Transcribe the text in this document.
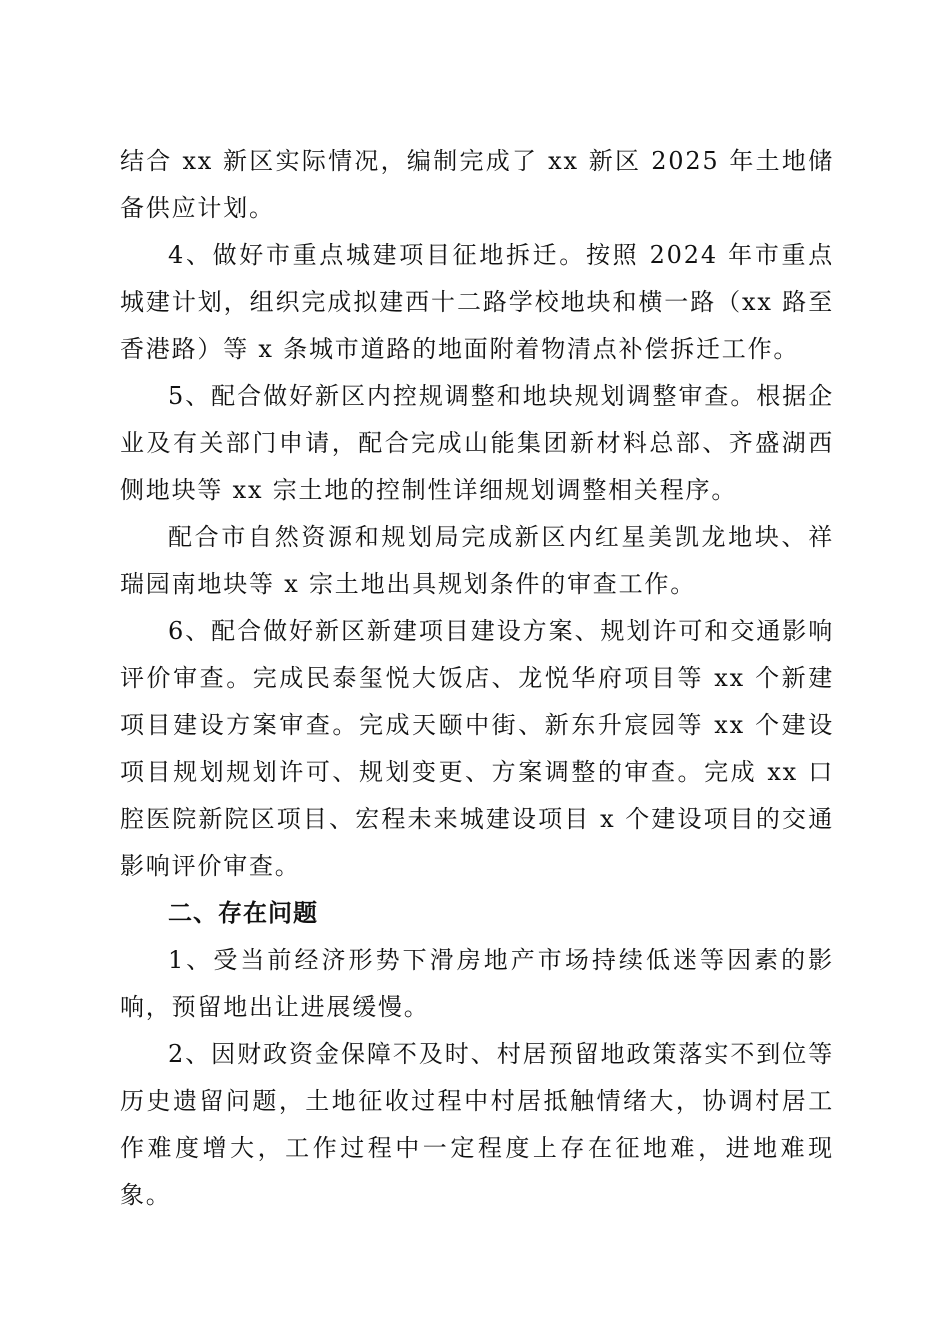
结合 xx 新区实际情况，编制完成了 xx 新区 2025 年土地储备供应计划。

4、做好市重点城建项目征地拆迁。按照 2024 年市重点城建计划，组织完成拟建西十二路学校地块和横一路（xx 路至香港路）等 x 条城市道路的地面附着物清点补偿拆迁工作。

5、配合做好新区内控规调整和地块规划调整审查。根据企业及有关部门申请，配合完成山能集团新材料总部、齐盛湖西侧地块等 xx 宗土地的控制性详细规划调整相关程序。

配合市自然资源和规划局完成新区内红星美凯龙地块、祥瑞园南地块等 x 宗土地出具规划条件的审查工作。

6、配合做好新区新建项目建设方案、规划许可和交通影响评价审查。完成民泰玺悦大饭店、龙悦华府项目等 xx 个新建项目建设方案审查。完成天颐中街、新东升宸园等 xx 个建设项目规划规划许可、规划变更、方案调整的审查。完成 xx 口腔医院新院区项目、宏程未来城建设项目 x 个建设项目的交通影响评价审查。

二、存在问题

1、受当前经济形势下滑房地产市场持续低迷等因素的影响，预留地出让进展缓慢。

2、因财政资金保障不及时、村居预留地政策落实不到位等历史遗留问题，土地征收过程中村居抵触情绪大，协调村居工作难度增大，工作过程中一定程度上存在征地难，进地难现象。
